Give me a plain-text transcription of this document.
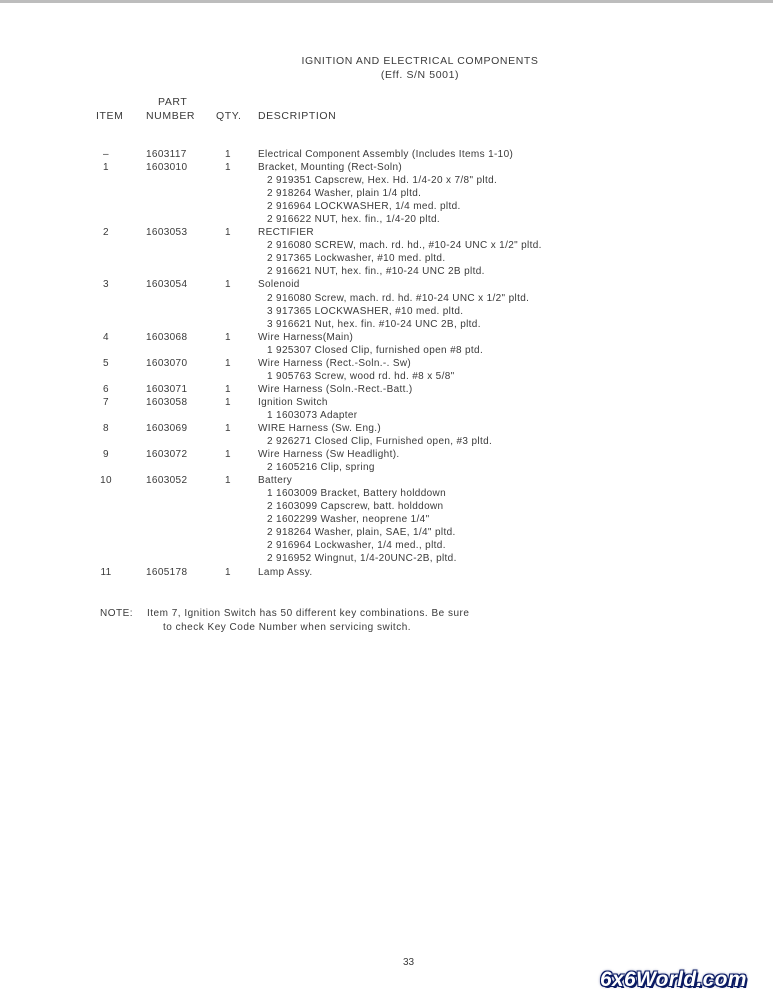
IGNITION AND ELECTRICAL COMPONENTS
(Eff. S/N 5001)
PART
ITEM NUMBER QTY. DESCRIPTION
–	1603117	1	Electrical Component Assembly (Includes Items 1-10)
1	1603010	1	Bracket, Mounting (Rect-Soln)
2 919351 Capscrew, Hex. Hd. 1/4-20 x 7/8" pltd.
2 918264 Washer, plain 1/4 pltd.
2 916964 LOCKWASHER, 1/4 med. pltd.
2 916622 NUT, hex. fin., 1/4-20 pltd.
2	1603053	1	RECTIFIER
2 916080 SCREW, mach. rd. hd., #10-24 UNC x 1/2" pltd.
2 917365 Lockwasher, #10 med. pltd.
2 916621 NUT, hex. fin., #10-24 UNC 2B pltd.
3	1603054	1	Solenoid
2 916080 Screw, mach. rd. hd. #10-24 UNC x 1/2" pltd.
3 917365 LOCKWASHER, #10 med. pltd.
3 916621 Nut, hex. fin. #10-24 UNC 2B, pltd.
4	1603068	1	Wire Harness(Main)
1 925307 Closed Clip, furnished open #8 ptd.
5	1603070	1	Wire Harness (Rect.-Soln.-. Sw)
1 905763 Screw, wood rd. hd. #8 x 5/8"
6	1603071	1	Wire Harness (Soln.-Rect.-Batt.)
7	1603058	1	Ignition Switch
1 1603073 Adapter
8	1603069	1	WIRE Harness (Sw. Eng.)
2 926271 Closed Clip, Furnished open, #3 pltd.
9	1603072	1	Wire Harness (Sw Headlight).
2 1605216 Clip, spring
10	1603052	1	Battery
1 1603009 Bracket, Battery holddown
2 1603099 Capscrew, batt. holddown
2 1602299 Washer, neoprene 1/4"
2 918264 Washer, plain, SAE, 1/4" pltd.
2 916964 Lockwasher, 1/4 med., pltd.
2 916952 Wingnut, 1/4-20UNC-2B, pltd.
11	1605178	1	Lamp Assy.
NOTE: Item 7, Ignition Switch has 50 different key combinations. Be sure
to check Key Code Number when servicing switch.
33
6x6World.com
